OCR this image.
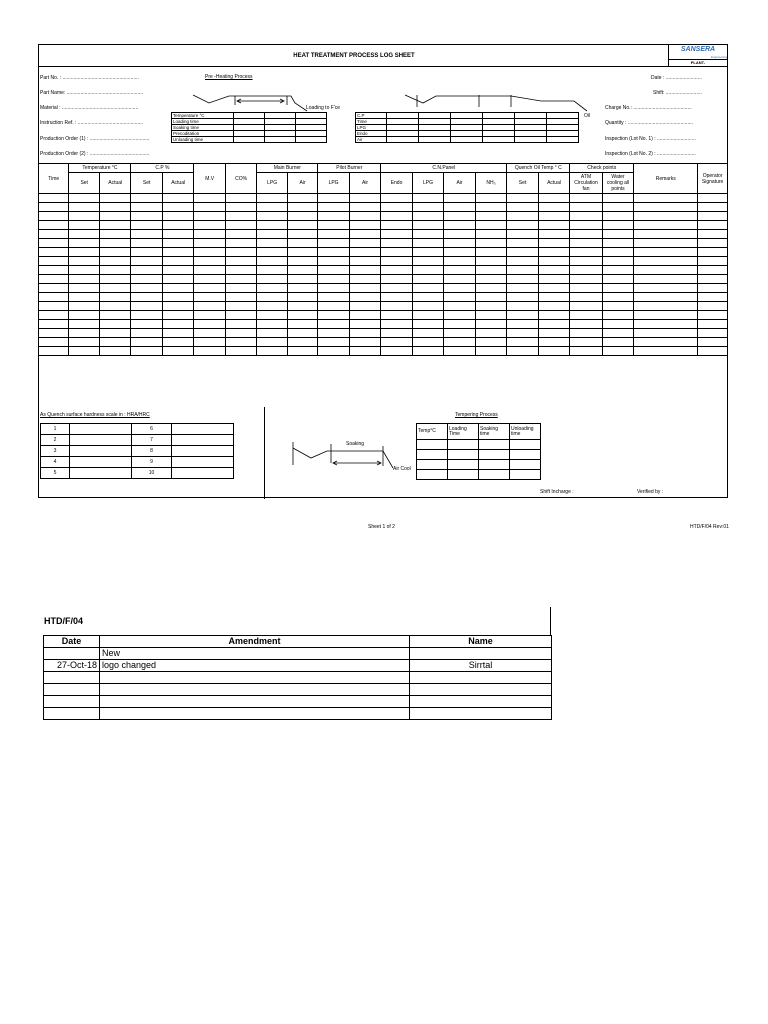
HEAT TREATMENT PROCESS LOG SHEET
SANSERA
Engineering
PLANT-
Part No. : .......................................................
Part Name: .......................................................
Material : .......................................................
Instruction Ref. : ...............................................
Production Order (1) : ...........................................
Production Order (2) : ...........................................
Date : ..........................
Shift: ..........................
Charge No.: ..........................................
Quantity : ...............................................
Inspection (Lot No. 1) : ............................
Inspection (Lot No. 2) : ............................
Pre -Heating Process
Loading to F'ce
Oil
Temperature °C			
Loading time			
Soaking time			
Precoditation			
Unloading time			
C.P						
Time						
LPG						
Endo						
Air						
Time	Temperature °C		C.P %		M.V	CO%	Main Burner		Pilot Burner		C.N.Panel				Quench Oil Temp ° C		Check points		Remarks	Operator Signature
	Set	Actual	Set	Actual			LPG	Air	LPG	Air	Endo	LPG	Air	NH₃	Set	Actual	ATM Circulation fan	Water cooling all points		

As Quench surface hardness scale in : HRA/HRC
1		6	
2		7	
3		8	
4		9	
5		10	
Tempering Process
Soaking
Air Cool
Temp°C	Loading Time	Soaking time	Unloading time

Shift Incharge :	Verified by :
Sheet 1 of 2	HTD/F/04 Rev:01
HTD/F/04
Date	Amendment	Name
	New	
27-Oct-18	logo changed	Sirrtal
